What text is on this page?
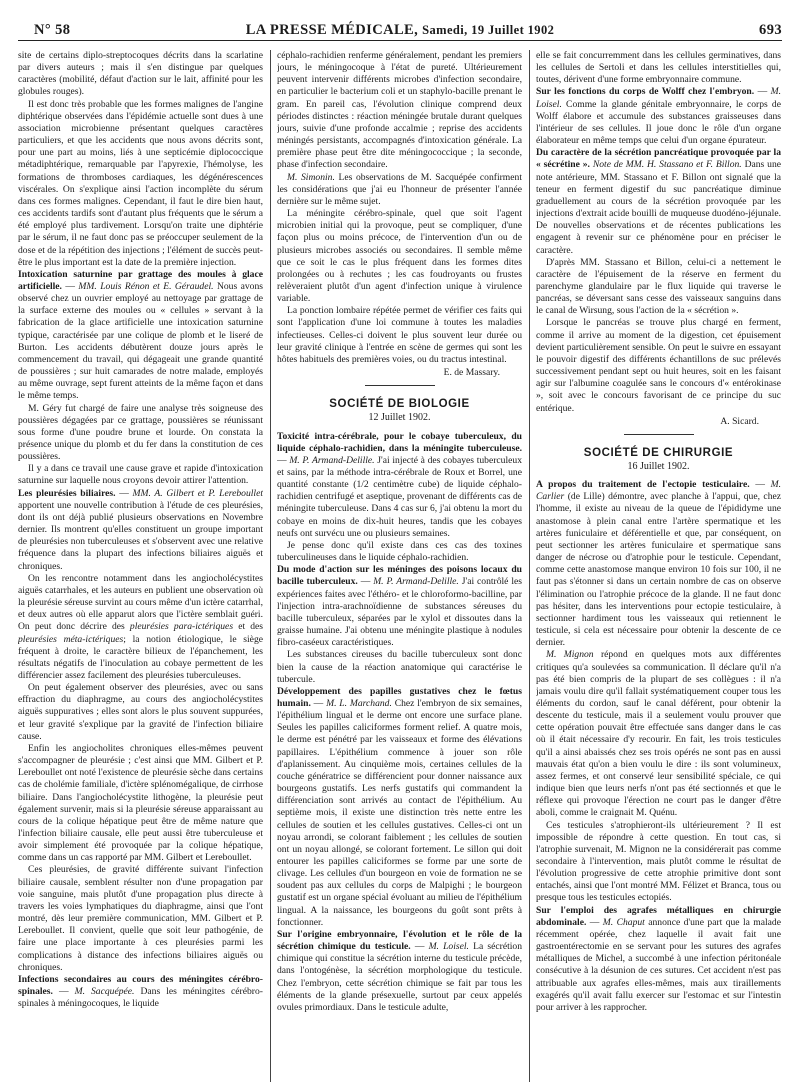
N° 58	LA PRESSE MÉDICALE, Samedi, 19 Juillet 1902	693

site de certains diplo-streptocoques décrits dans la scarlatine par divers auteurs ; mais il s'en distingue par quelques caractères (mobilité, défaut d'action sur le lait, affinité pour les globules rouges).

Il est donc très probable que les formes malignes de l'angine diphtérique observées dans l'épidémie actuelle sont dues à une association microbienne présentant quelques caractères particuliers, et que les accidents que nous avons décrits sont, pour une part au moins, liés à une septicémie diplococcique métadiphtérique, remarquable par l'apyrexie, l'hémolyse, les formations de thromboses cardiaques, les dégénérescences viscérales. On s'explique ainsi l'action incomplète du sérum dans ces formes malignes. Cependant, il faut le dire bien haut, ces accidents tardifs sont d'autant plus fréquents que le sérum a été employé plus tardivement. Lorsqu'on traite une diphtérie par le sérum, il ne faut donc pas se préoccuper seulement de la dose et de la répétition des injections ; l'élément de succès peut-être le plus important est la date de la première injection.

Intoxication saturnine par grattage des moules à glace artificielle. — MM. Louis Rénon et E. Géraudel. Nous avons observé chez un ouvrier employé au nettoyage par grattage de la surface externe des moules ou « cellules » servant à la fabrication de la glace artificielle une intoxication saturnine typique, caractérisée par une colique de plomb et le liseré de Burton. Les accidents débutèrent douze jours après le commencement du travail, qui dégageait une grande quantité de poussières ; sur huit camarades de notre malade, employés au même ouvrage, sept furent atteints de la même façon et dans le même temps.

M. Géry fut chargé de faire une analyse très soigneuse des poussières dégagées par ce grattage, poussières se réunissant sous forme d'une poudre brune et lourde. On constata la présence unique du plomb et du fer dans la constitution de ces poussières.

Il y a dans ce travail une cause grave et rapide d'intoxication saturnine sur laquelle nous croyons devoir attirer l'attention.

Les pleurésies biliaires. — MM. A. Gilbert et P. Lereboullet apportent une nouvelle contribution à l'étude de ces pleurésies, dont ils ont déjà publié plusieurs observations en Novembre dernier. Ils montrent qu'elles constituent un groupe important de pleurésies non tuberculeuses et s'observent avec une relative fréquence dans la plupart des infections biliaires aiguës et chroniques.

On les rencontre notamment dans les angiocholécystites aiguës catarrhales, et les auteurs en publient une observation où la pleurésie séreuse survint au cours même d'un ictère catarrhal, et deux autres où elle apparut alors que l'ictère semblait guéri. On peut donc décrire des pleurésies para-ictériques et des pleurésies méta-ictériques; la notion étiologique, le siège fréquent à droite, le caractère bilieux de l'épanchement, les résultats négatifs de l'inoculation au cobaye permettent de les différencier assez facilement des pleurésies tuberculeuses.

On peut également observer des pleurésies, avec ou sans effraction du diaphragme, au cours des angiocholécystites aiguës suppuratives ; elles sont alors le plus souvent suppurées, et leur gravité s'explique par la gravité de l'infection biliaire cause.

Enfin les angiocholites chroniques elles-mêmes peuvent s'accompagner de pleurésie ; c'est ainsi que MM. Gilbert et P. Lereboullet ont noté l'existence de pleurésie sèche dans certains cas de cholémie familiale, d'ictère splénomégalique, de cirrhose biliaire. Dans l'angiocholécystite lithogène, la pleurésie peut également survenir, mais si la pleurésie séreuse apparaissant au cours de la colique hépatique peut être de même nature que l'infection biliaire causale, elle peut aussi être tuberculeuse et avoir simplement été provoquée par la colique hépatique, comme dans un cas rapporté par MM. Gilbert et Lereboullet.

Ces pleurésies, de gravité différente suivant l'infection biliaire causale, semblent résulter non d'une propagation par voie sanguine, mais plutôt d'une propagation plus directe à travers les voies lymphatiques du diaphragme, ainsi que l'ont montré, dès leur première communication, MM. Gilbert et P. Lereboullet. Il convient, quelle que soit leur pathogénie, de faire une place importante à ces pleurésies parmi les complications à distance des infections biliaires aiguës ou chroniques.

Infections secondaires au cours des méningites cérébro-spinales. — M. Sacquépée. Dans les méningites cérébro-spinales à méningocoques, le liquide

céphalo-rachidien renferme généralement, pendant les premiers jours, le méningocoque à l'état de pureté. Ultérieurement peuvent intervenir différents microbes d'infection secondaire, en particulier le bacterium coli et un staphylo-bacille prenant le gram. En pareil cas, l'évolution clinique comprend deux périodes distinctes : réaction méningée brutale durant quelques jours, suivie d'une profonde accalmie ; reprise des accidents méningés persistants, accompagnés d'intoxication générale. La première phase peut être dite méningococcique ; la seconde, phase d'infection secondaire.

M. Simonin. Les observations de M. Sacquépée confirment les considérations que j'ai eu l'honneur de présenter l'année dernière sur le même sujet.

La méningite cérébro-spinale, quel que soit l'agent microbien initial qui la provoque, peut se compliquer, d'une façon plus ou moins précoce, de l'intervention d'un ou de plusieurs microbes associés ou secondaires. Il semble même que ce soit le cas le plus fréquent dans les formes dites prolongées ou à rechutes ; les cas foudroyants ou frustes relèveraient plutôt d'un agent d'infection unique à virulence variable.

La ponction lombaire répétée permet de vérifier ces faits qui sont l'application d'une loi commune à toutes les maladies infectieuses. Celles-ci doivent le plus souvent leur durée ou leur gravité clinique à l'entrée en scène de germes qui sont les hôtes habituels des premières voies, ou du tractus intestinal.

E. de Massary.

SOCIÉTÉ DE BIOLOGIE
12 Juillet 1902.

Toxicité intra-cérébrale, pour le cobaye tuberculeux, du liquide céphalo-rachidien, dans la méningite tuberculeuse. — M. P. Armand-Delille. J'ai injecté à des cobayes tuberculeux et sains, par la méthode intra-cérébrale de Roux et Borrel, une quantité constante (1/2 centimètre cube) de liquide céphalo-rachidien centrifugé et aseptique, provenant de différents cas de méningite tuberculeuse. Dans 4 cas sur 6, j'ai obtenu la mort du cobaye en moins de dix-huit heures, tandis que les cobayes neufs ont survécu une ou plusieurs semaines.

Je pense donc qu'il existe dans ces cas des toxines tuberculineuses dans le liquide céphalo-rachidien.

Du mode d'action sur les méninges des poisons locaux du bacille tuberculeux. — M. P. Armand-Delille. J'ai contrôlé les expériences faites avec l'éthéro- et le chloroformo-bacilline, par l'injection intra-arachnoïdienne de substances séreuses du bacille tuberculeux, séparées par le xylol et dissoutes dans la graisse humaine. J'ai obtenu une méningite plastique à nodules fibro-caséeux caractéristiques.

Les substances cireuses du bacille tuberculeux sont donc bien la cause de la réaction anatomique qui caractérise le tubercule.

Développement des papilles gustatives chez le fœtus humain. — M. L. Marchand. Chez l'embryon de six semaines, l'épithélium lingual et le derme ont encore une surface plane. Seules les papilles caliciformes forment relief. A quatre mois, le derme est pénétré par les vaisseaux et forme des élévations papillaires. L'épithélium commence à jouer son rôle d'aplanissement. Au cinquième mois, certaines cellules de la couche génératrice se différencient pour donner naissance aux bourgeons gustatifs. Les nerfs gustatifs qui commandent la différenciation sont arrivés au contact de l'épithélium. Au septième mois, il existe une distinction très nette entre les cellules de soutien et les cellules gustatives. Celles-ci ont un noyau arrondi, se colorant faiblement ; les cellules de soutien ont un noyau allongé, se colorant fortement. Le sillon qui doit entourer les papilles caliciformes se forme par une sorte de clivage. Les cellules d'un bourgeon en voie de formation ne se soudent pas aux cellules du corps de Malpighi ; le bourgeon gustatif est un organe spécial évoluant au milieu de l'épithélium lingual. A la naissance, les bourgeons du goût sont prêts à fonctionner.

Sur l'origine embryonnaire, l'évolution et le rôle de la sécrétion chimique du testicule. — M. Loisel. La sécrétion chimique qui constitue la sécrétion interne du testicule précède, dans l'ontogénèse, la sécrétion morphologique du testicule. Chez l'embryon, cette sécrétion chimique se fait par tous les éléments de la glande présexuelle, surtout par ceux appelés ovules primordiaux. Dans le testicule adulte,

elle se fait concurremment dans les cellules germinatives, dans les cellules de Sertoli et dans les cellules interstitielles qui, toutes, dérivent d'une forme embryonnaire commune.

Sur les fonctions du corps de Wolff chez l'embryon. — M. Loisel. Comme la glande génitale embryonnaire, le corps de Wolff élabore et accumule des substances graisseuses dans l'intérieur de ses cellules. Il joue donc le rôle d'un organe élaborateur en même temps que celui d'un organe épurateur.

Du caractère de la sécrétion pancréatique provoquée par la « sécrétine ». Note de MM. H. Stassano et F. Billon. Dans une note antérieure, MM. Stassano et F. Billon ont signalé que la teneur en ferment digestif du suc pancréatique diminue graduellement au cours de la sécrétion provoquée par les injections d'extrait acide bouilli de muqueuse duodéno-jéjunale. De nouvelles observations et de récentes publications les engagent à revenir sur ce phénomène pour en préciser le caractère.

D'après MM. Stassano et Billon, celui-ci a nettement le caractère de l'épuisement de la réserve en ferment du parenchyme glandulaire par le flux liquide qui traverse le pancréas, se déversant sans cesse des vaisseaux sanguins dans le canal de Wirsung, sous l'action de la « sécrétion ».

Lorsque le pancréas se trouve plus chargé en ferment, comme il arrive au moment de la digestion, cet épuisement devient particulièrement sensible. On peut le suivre en essayant le pouvoir digestif des différents échantillons de suc prélevés successivement pendant sept ou huit heures, soit en les faisant agir sur l'albumine coagulée sans le concours d'« entérokinase », soit avec le concours favorisant de ce principe du suc entérique.

A. Sicard.

SOCIÉTÉ DE CHIRURGIE
16 Juillet 1902.

A propos du traitement de l'ectopie testiculaire. — M. Carlier (de Lille) démontre, avec planche à l'appui, que, chez l'homme, il existe au niveau de la queue de l'épididyme une anastomose à plein canal entre l'artère spermatique et les artères funiculaire et déférentielle et que, par conséquent, on peut sectionner les artères funiculaire et spermatique sans danger de nécrose ou d'atrophie pour le testicule. Cependant, comme cette anastomose manque environ 10 fois sur 100, il ne faut pas s'étonner si dans un certain nombre de cas on observe l'élimination ou l'atrophie précoce de la glande. Il ne faut donc pas hésiter, dans les interventions pour ectopie testiculaire, à sectionner hardiment tous les vaisseaux qui retiennent le testicule, si cela est nécessaire pour obtenir la descente de ce dernier.

M. Mignon répond en quelques mots aux différentes critiques qu'a soulevées sa communication. Il déclare qu'il n'a pas été bien compris de la plupart de ses collègues : il n'a jamais voulu dire qu'il fallait systématiquement couper tous les éléments du cordon, sauf le canal déférent, pour obtenir la descente du testicule, mais il a seulement voulu prouver que cette opération pouvait être effectuée sans danger dans le cas où il était nécessaire d'y recourir. En fait, les trois testicules qu'il a ainsi abaissés chez ses trois opérés ne sont pas en aussi mauvais état qu'on a bien voulu le dire : ils sont volumineux, assez fermes, et ont conservé leur sensibilité spéciale, ce qui indique bien que leurs nerfs n'ont pas été sectionnés et que le réflexe qui provoque l'érection ne court pas le danger d'être aboli, comme le craignait M. Quénu.

Ces testicules s'atrophieront-ils ultérieurement ? Il est impossible de répondre à cette question. En tout cas, si l'atrophie survenait, M. Mignon ne la considérerait pas comme secondaire à l'intervention, mais plutôt comme le résultat de l'évolution progressive de cette atrophie primitive dont sont entachés, ainsi que l'ont montré MM. Félizet et Branca, tous ou presque tous les testicules ectopiés.

Sur l'emploi des agrafes métalliques en chirurgie abdominale. — M. Chaput annonce d'une part que la malade récemment opérée, chez laquelle il avait fait une gastroentérectomie en se servant pour les sutures des agrafes métalliques de Michel, a succombé à une infection péritonéale consécutive à la désunion de ces sutures. Cet accident n'est pas attribuable aux agrafes elles-mêmes, mais aux tiraillements exagérés qu'il avait fallu exercer sur l'estomac et sur l'intestin pour arriver à les rapprocher.
